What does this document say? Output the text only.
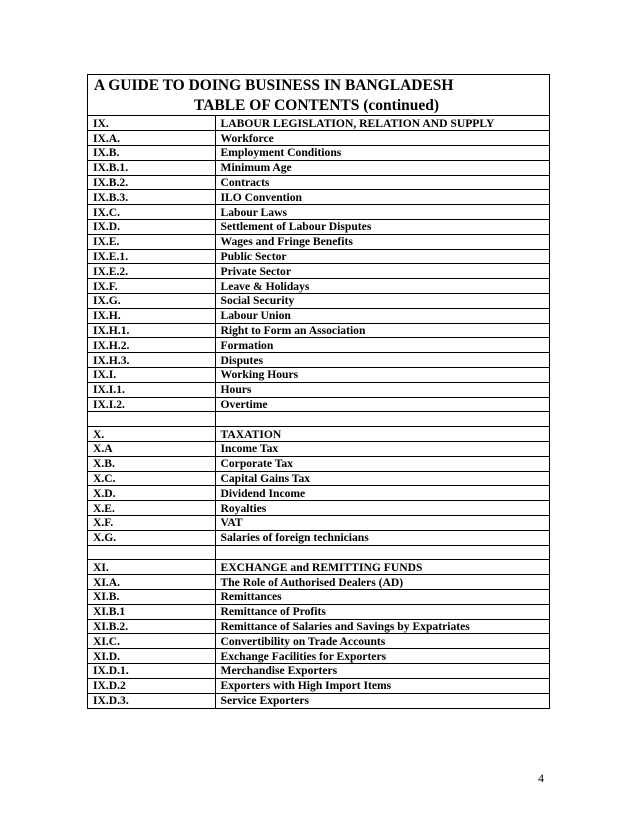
A GUIDE TO DOING BUSINESS IN BANGLADESH
TABLE OF CONTENTS (continued)
IX.	LABOUR LEGISLATION, RELATION AND SUPPLY
IX.A.	Workforce
IX.B.	Employment Conditions
IX.B.1.	Minimum Age
IX.B.2.	Contracts
IX.B.3.	ILO Convention
IX.C.	Labour Laws
IX.D.	Settlement of Labour Disputes
IX.E.	Wages and Fringe Benefits
IX.E.1.	Public Sector
IX.E.2.	Private Sector
IX.F.	Leave & Holidays
IX.G.	Social Security
IX.H.	Labour Union
IX.H.1.	Right to Form an Association
IX.H.2.	Formation
IX.H.3.	Disputes
IX.I.	Working Hours
IX.I.1.	Hours
IX.I.2.	Overtime

X.	TAXATION
X.A	Income Tax
X.B.	Corporate Tax
X.C.	Capital Gains Tax
X.D.	Dividend Income
X.E.	Royalties
X.F.	VAT
X.G.	Salaries of foreign technicians

XI.	EXCHANGE and REMITTING FUNDS
XI.A.	The Role of Authorised Dealers (AD)
XI.B.	Remittances
XI.B.1	Remittance of Profits
XI.B.2.	Remittance of Salaries and Savings by Expatriates
XI.C.	Convertibility on Trade Accounts
XI.D.	Exchange Facilities for Exporters
IX.D.1.	Merchandise Exporters
IX.D.2	Exporters with High Import Items
IX.D.3.	Service Exporters
4
